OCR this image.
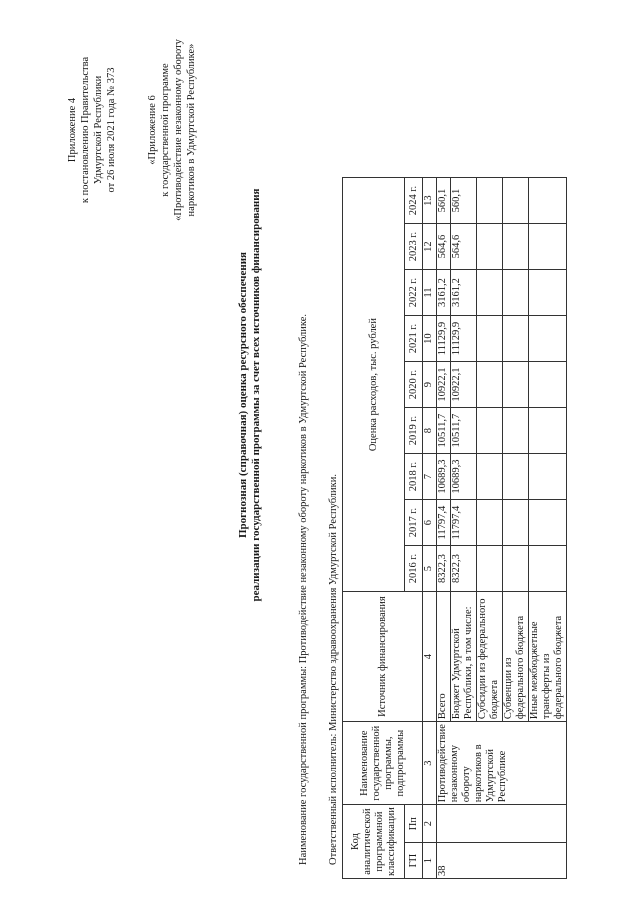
Приложение 4 к постановлению Правительства Удмуртской Республики от 26 июля 2021 года № 373	«Приложение 6 к государственной программе «Противодействие незаконному обороту наркотиков в Удмуртской Республике»
Прогнозная (справочная) оценка ресурсного обеспечения реализации государственной программы за счет всех источников финансирования	Наименование государственной программы: Противодействие незаконному обороту наркотиков в Удмуртской Республике. Ответственный исполнитель: Министерство здравоохранения Удмуртской Республики. Код аналитической программной классификации		Наименование государственной программы, подпрограммы	Источник финансирования	Оценка расходов, тыс. рублей								
ГП	Пп			2016 г.	2017 г.	2018 г.	2019 г.	2020 г.	2021 г.	2022 г.	2023 г.	2024 г.
1	2	3	4	5	6	7	8	9	10	11	12	13
38		Противодействие незаконному обороту наркотиков в Удмуртской Республике	Всего	8322,3	11797,4	10689,3	10511,7	10922,1	11129,9	3161,2	564,6	560,1
			Бюджет Удмуртской Республики, в том числе:	8322,3	11797,4	10689,3	10511,7	10922,1	11129,9	3161,2	564,6	560,1
			Субсидии из федерального бюджета									
			Субвенции из федерального бюджета									
			Иные межбюджетные трансферты из федерального бюджета									
